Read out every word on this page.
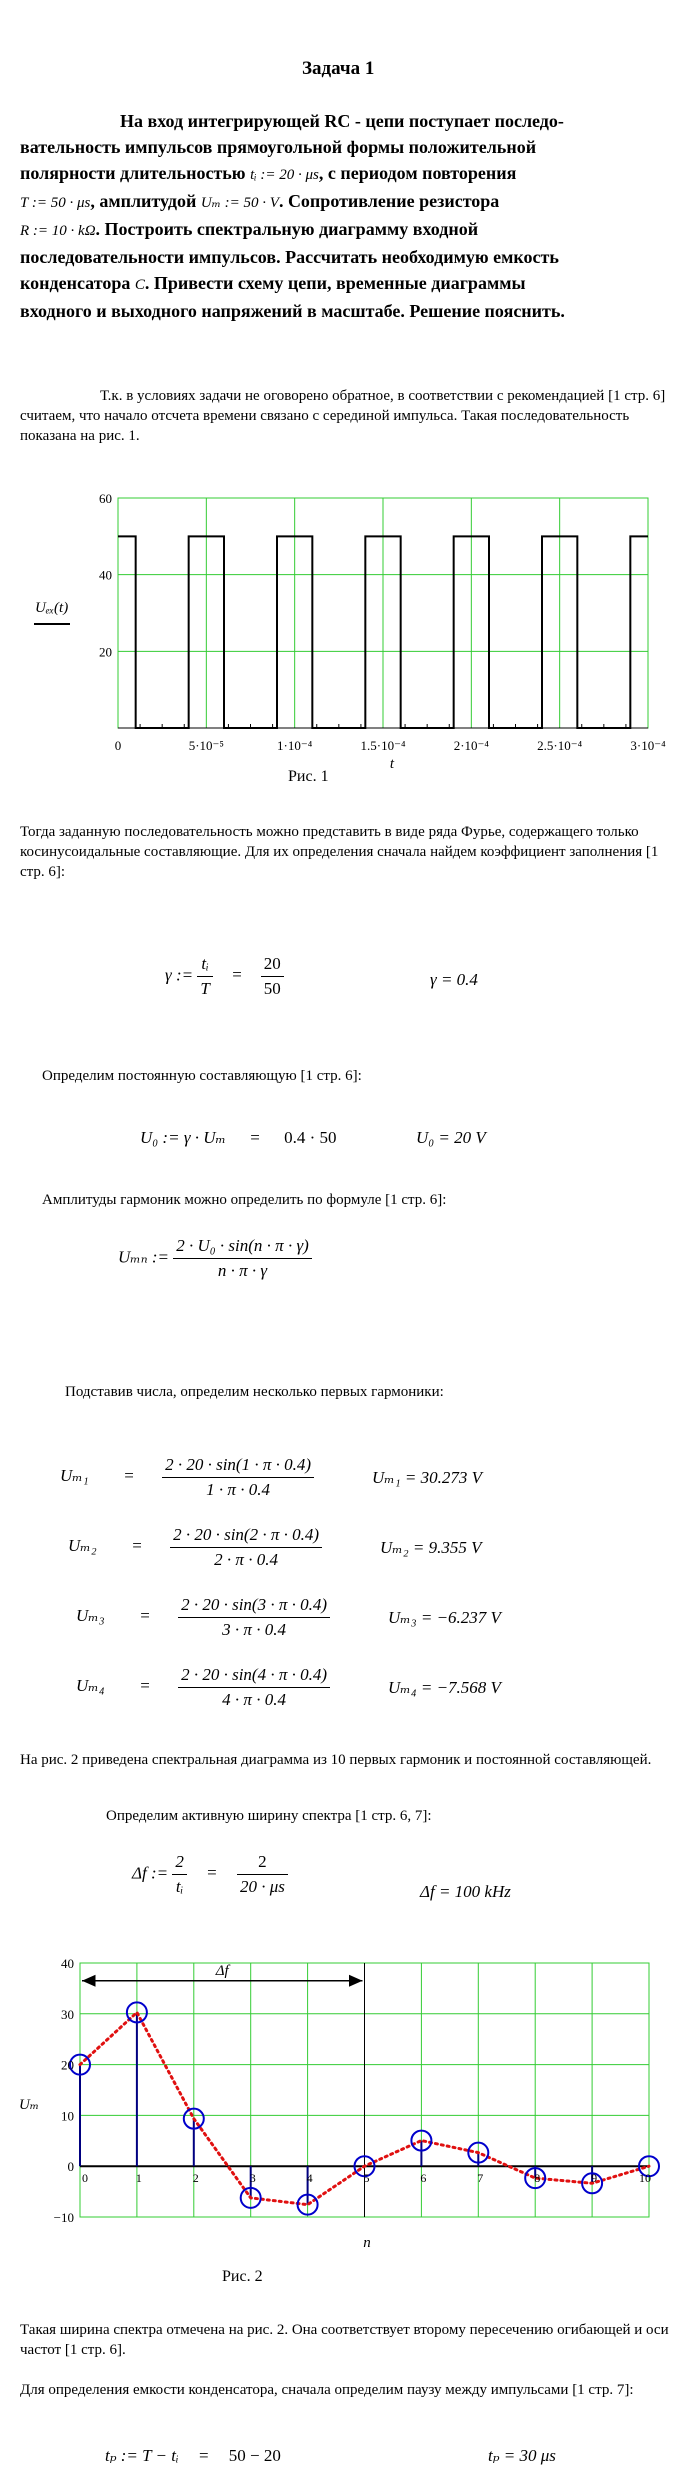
Задача 1
На вход интегрирующей RC - цепи поступает последо-
вательность импульсов прямоугольной формы положительной
полярности длительностью tᵢ := 20 · μs, с периодом повторения
T := 50 · μs, амплитудой Uₘ := 50 · V. Сопротивление резистора
R := 10 · kΩ. Построить спектральную диаграмму входной
последовательности импульсов. Рассчитать необходимую емкость
конденсатора C. Привести схему цепи, временные диаграммы
входного и выходного напряжений в масштабе. Решение пояснить.
Т.к. в условиях задачи не оговорено обратное, в соответствии с рекомендацией [1 стр. 6] считаем, что начало отсчета времени связано с серединой импульса. Такая последовательность показана на рис. 1.
60
40
20
0	5·10⁻⁵	1·10⁻⁴	1.5·10⁻⁴	2·10⁻⁴	2.5·10⁻⁴	3·10⁻⁴
Uₑₓ(t)
t
Рис. 1
Тогда заданную последовательность можно представить в виде ряда Фурье, содержащего только косинусоидальные составляющие. Для их определения сначала найдем коэффициент заполнения [1 стр. 6]:
γ := $\frac{\text{tᵢ}}{T} = \frac{20}{50}$	γ = 0.4
Определим постоянную составляющую [1 стр. 6]:
U₀ := γ · Uₘ = 0.4 · 50	U₀ = 20 V
Амплитуды гармоник можно определить по формуле [1 стр. 6]:
Uₘₙ := $\frac{\text{2 · U₀ · sin(n · π · γ)}}{n \cdot \pi \cdot \gamma}$
Подставив числа, определим несколько первых гармоники:
$U_{m1} = \frac{2 \cdot 20 \cdot \sin(1 \cdot \pi \cdot 0.4)}{1 \cdot \pi \cdot 0.4}$	Uₘ₁ = 30.273 V
$U_{m2} = \frac{2 \cdot 20 \cdot \sin(2 \cdot \pi \cdot 0.4)}{2 \cdot \pi \cdot 0.4}$	Uₘ₂ = 9.355 V
$U_{m3} = \frac{2 \cdot 20 \cdot \sin(3 \cdot \pi \cdot 0.4)}{3 \cdot \pi \cdot 0.4}$	Uₘ₃ = −6.237 V
$U_{m4} = \frac{2 \cdot 20 \cdot \sin(4 \cdot \pi \cdot 0.4)}{4 \cdot \pi \cdot 0.4}$	Uₘ₄ = −7.568 V
На рис. 2 приведена спектральная диаграмма из 10 первых гармоник и постоянной составляющей.
Определим активную ширину спектра [1 стр. 6, 7]:
Δf := $\frac{2}{\text{tᵢ}} = \frac{2}{20 \cdot \mu s}$	Δf = 100 kHz
40
30
20
10
0
−10
0	1	2	3	4	5	6	7	8	9	10
Δf
Uₘ
n
Рис. 2
Такая ширина спектра отмечена на рис. 2. Она соответствует второму пересечению огибающей и оси частот [1 стр. 6].
Для определения емкости конденсатора, сначала определим паузу между импульсами [1 стр. 7]:
tₚ := T − tᵢ = 50 − 20	tₚ = 30 μs
